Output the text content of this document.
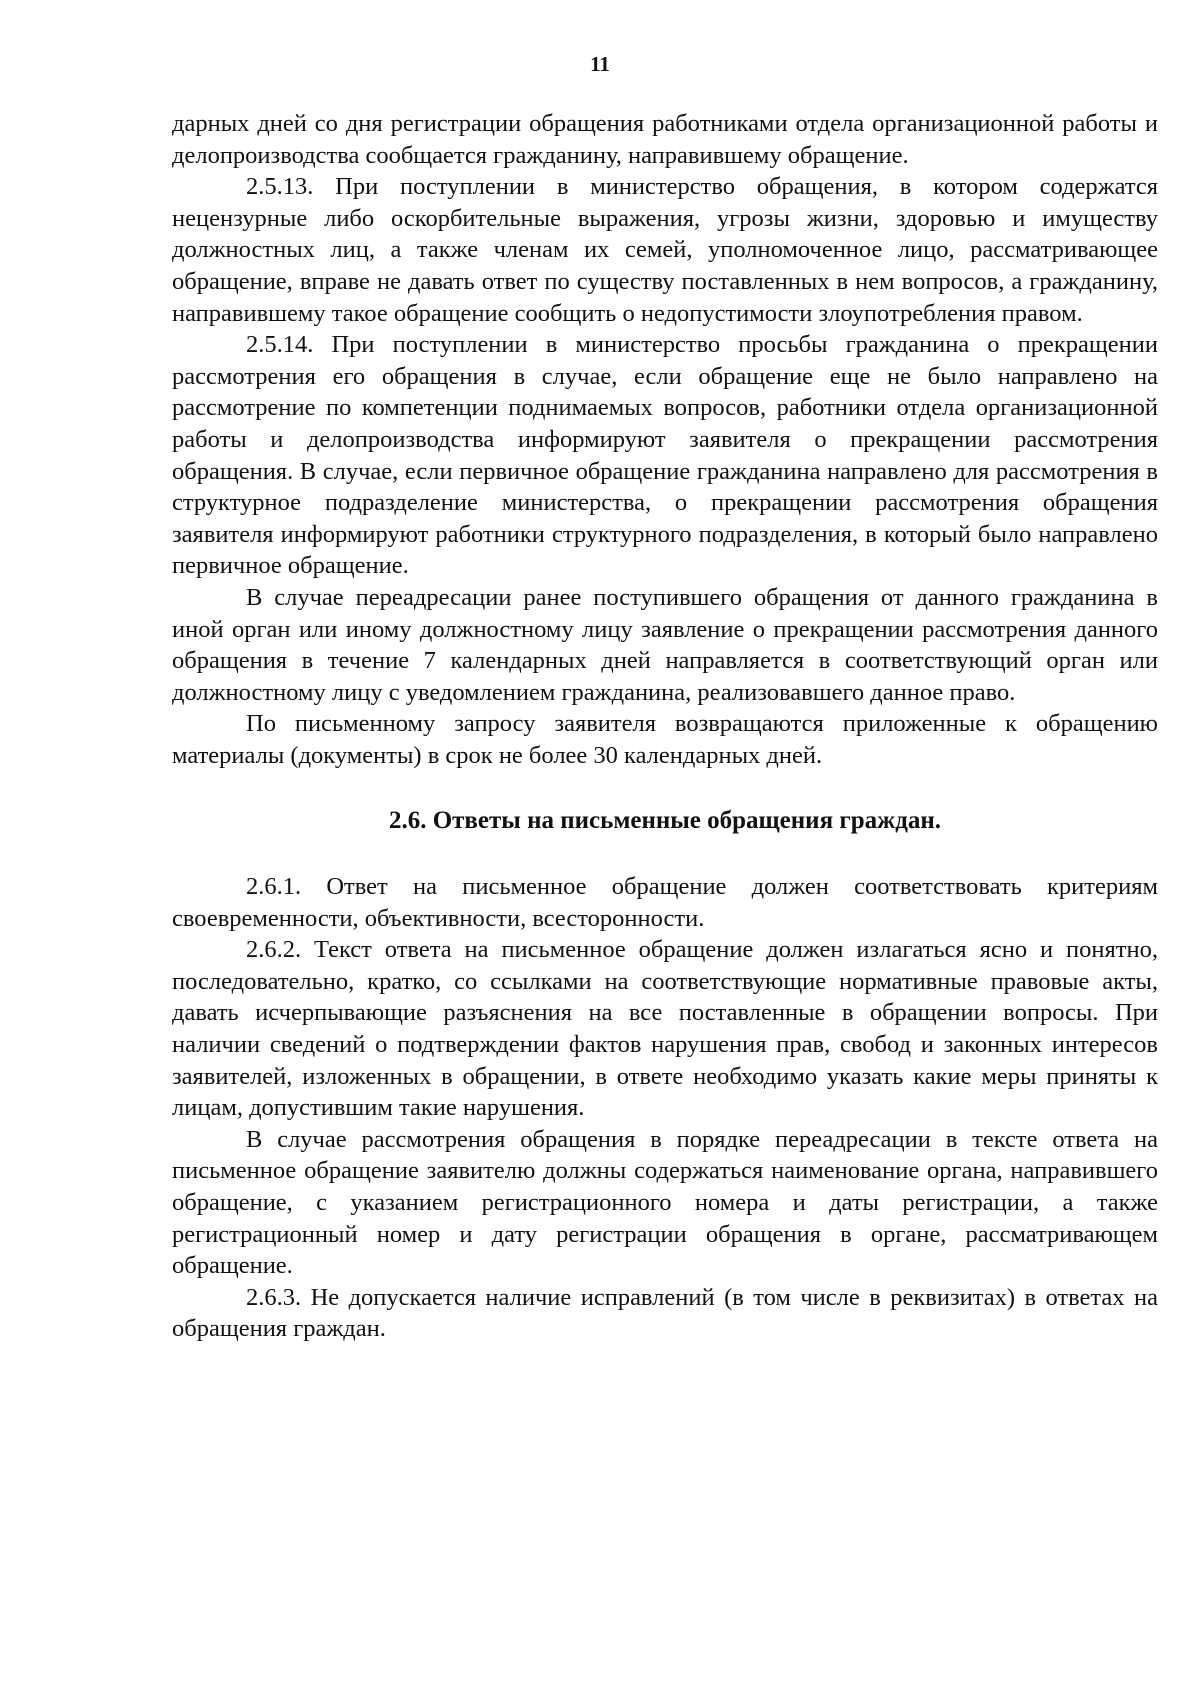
11

дарных дней со дня регистрации обращения работниками отдела организационной работы и делопроизводства сообщается гражданину, направившему обращение.

2.5.13. При поступлении в министерство обращения, в котором содержатся нецензурные либо оскорбительные выражения, угрозы жизни, здоровью и имуществу должностных лиц, а также членам их семей, уполномоченное лицо, рассматривающее обращение, вправе не давать ответ по существу поставленных в нем вопросов, а гражданину, направившему такое обращение сообщить о недопустимости злоупотребления правом.

2.5.14. При поступлении в министерство просьбы гражданина о прекращении рассмотрения его обращения в случае, если обращение еще не было направлено на рассмотрение по компетенции поднимаемых вопросов, работники отдела организационной работы и делопроизводства информируют заявителя о прекращении рассмотрения обращения. В случае, если первичное обращение гражданина направлено для рассмотрения в структурное подразделение министерства, о прекращении рассмотрения обращения заявителя информируют работники структурного подразделения, в который было направлено первичное обращение.

В случае переадресации ранее поступившего обращения от данного гражданина в иной орган или иному должностному лицу заявление о прекращении рассмотрения данного обращения в течение 7 календарных дней направляется в соответствующий орган или должностному лицу с уведомлением гражданина, реализовавшего данное право.

По письменному запросу заявителя возвращаются приложенные к обращению материалы (документы) в срок не более 30 календарных дней.

2.6. Ответы на письменные обращения граждан.

2.6.1. Ответ на письменное обращение должен соответствовать критериям своевременности, объективности, всесторонности.

2.6.2. Текст ответа на письменное обращение должен излагаться ясно и понятно, последовательно, кратко, со ссылками на соответствующие нормативные правовые акты, давать исчерпывающие разъяснения на все поставленные в обращении вопросы. При наличии сведений о подтверждении фактов нарушения прав, свобод и законных интересов заявителей, изложенных в обращении, в ответе необходимо указать какие меры приняты к лицам, допустившим такие нарушения.

В случае рассмотрения обращения в порядке переадресации в тексте ответа на письменное обращение заявителю должны содержаться наименование органа, направившего обращение, с указанием регистрационного номера и даты регистрации, а также регистрационный номер и дату регистрации обращения в органе, рассматривающем обращение.

2.6.3. Не допускается наличие исправлений (в том числе в реквизитах) в ответах на обращения граждан.
